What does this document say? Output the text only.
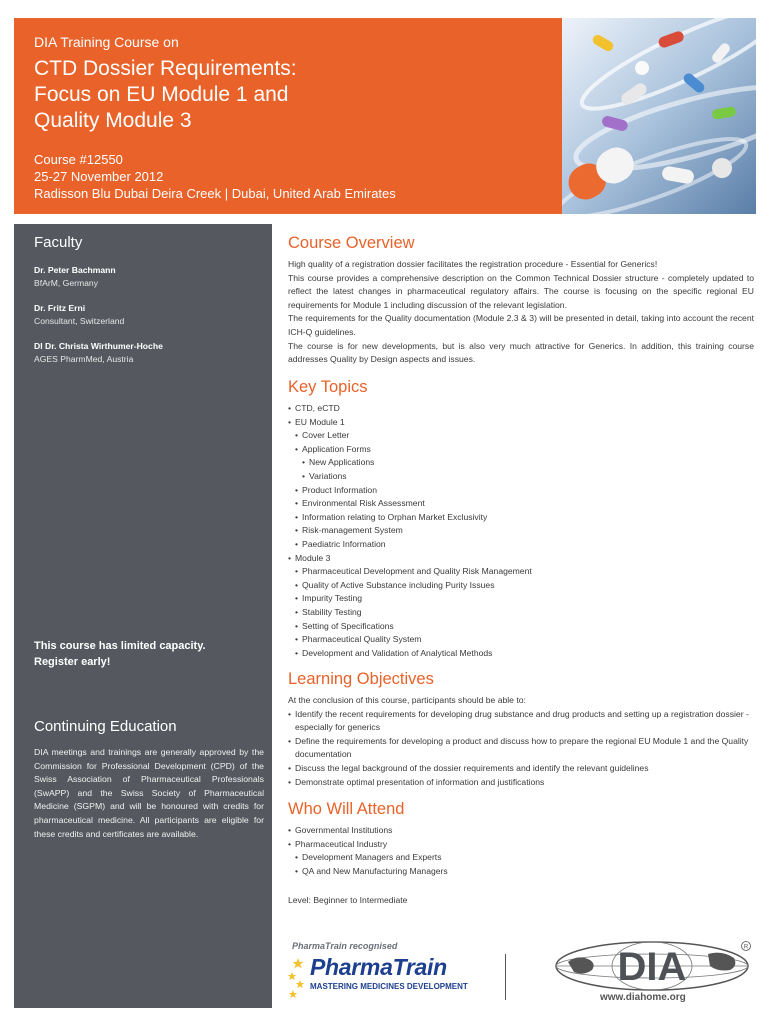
DIA Training Course on
CTD Dossier Requirements:
Focus on EU Module 1 and
Quality Module 3
Course #12550
25-27 November 2012
Radisson Blu Dubai Deira Creek | Dubai, United Arab Emirates
Faculty
Dr. Peter Bachmann
BfArM, Germany
Dr. Fritz Erni
Consultant, Switzerland
DI Dr. Christa Wirthumer-Hoche
AGES PharmMed, Austria
This course has limited capacity.
Register early!
Continuing Education
DIA meetings and trainings are generally approved by the Commission for Professional Development (CPD) of the Swiss Association of Pharmaceutical Professionals (SwAPP) and the Swiss Society of Pharmaceutical Medicine (SGPM) and will be honoured with credits for pharmaceutical medicine. All participants are eligible for these credits and certificates are available.
Course Overview

High quality of a registration dossier facilitates the registration procedure - Essential for Generics!

This course provides a comprehensive description on the Common Technical Dossier structure - completely updated to reflect the latest changes in pharmaceutical regulatory affairs. The course is focusing on the specific regional EU requirements for Module 1 including discussion of the relevant legislation.

The requirements for the Quality documentation (Module 2.3 & 3) will be presented in detail, taking into account the recent ICH-Q guidelines.

The course is for new developments, but is also very much attractive for Generics. In addition, this training course addresses Quality by Design aspects and issues.

Key Topics
• CTD, eCTD
• EU Module 1
• Cover Letter
• Application Forms
• New Applications
• Variations
• Product Information
• Environmental Risk Assessment
• Information relating to Orphan Market Exclusivity
• Risk-management System
• Paediatric Information
• Module 3
• Pharmaceutical Development and Quality Risk Management
• Quality of Active Substance including Purity Issues
• Impurity Testing
• Stability Testing
• Setting of Specifications
• Pharmaceutical Quality System
• Development and Validation of Analytical Methods
Learning Objectives

At the conclusion of this course, participants should be able to:

• Identify the recent requirements for developing drug substance and drug products and setting up a registration dossier - especially for generics
• Define the requirements for developing a product and discuss how to prepare the regional EU Module 1 and the Quality documentation
• Discuss the legal background of the dossier requirements and identify the relevant guidelines
• Demonstrate optimal presentation of information and justifications
Who Will Attend
• Governmental Institutions
• Pharmaceutical Industry
• Development Managers and Experts
• QA and New Manufacturing Managers
Level: Beginner to Intermediate
PharmaTrain recognised
PharmaTrain
MASTERING MEDICINES DEVELOPMENT	DIA	R
www.diahome.org
